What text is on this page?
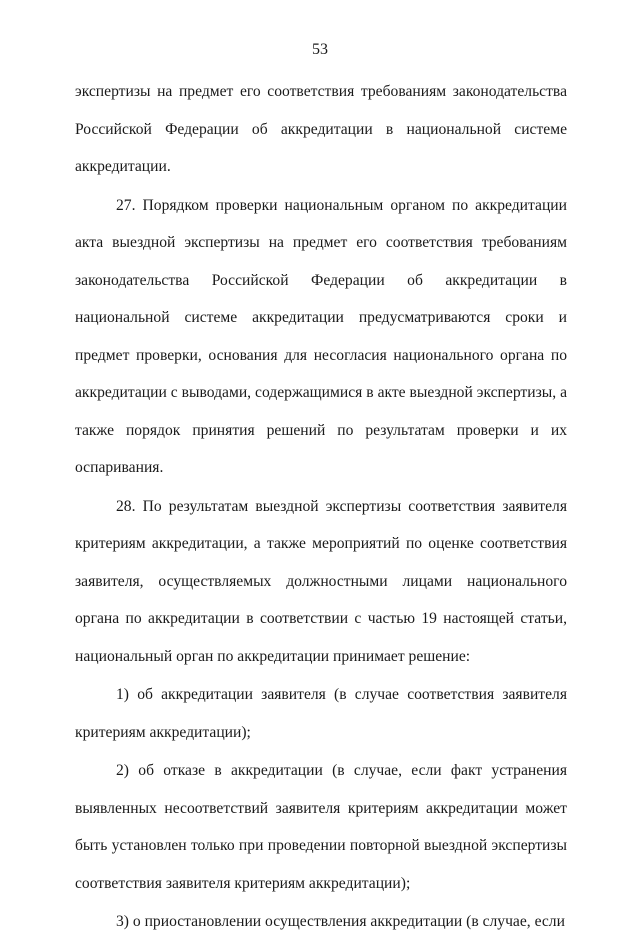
53

экспертизы на предмет его соответствия требованиям законодательства Российской Федерации об аккредитации в национальной системе аккредитации.

27. Порядком проверки национальным органом по аккредитации акта выездной экспертизы на предмет его соответствия требованиям законодательства Российской Федерации об аккредитации в национальной системе аккредитации предусматриваются сроки и предмет проверки, основания для несогласия национального органа по аккредитации с выводами, содержащимися в акте выездной экспертизы, а также порядок принятия решений по результатам проверки и их оспаривания.

28. По результатам выездной экспертизы соответствия заявителя критериям аккредитации, а также мероприятий по оценке соответствия заявителя, осуществляемых должностными лицами национального органа по аккредитации в соответствии с частью 19 настоящей статьи, национальный орган по аккредитации принимает решение:

1) об аккредитации заявителя (в случае соответствия заявителя критериям аккредитации);

2) об отказе в аккредитации (в случае, если факт устранения выявленных несоответствий заявителя критериям аккредитации может быть установлен только при проведении повторной выездной экспертизы соответствия заявителя критериям аккредитации);

3) о приостановлении осуществления аккредитации (в случае, если
